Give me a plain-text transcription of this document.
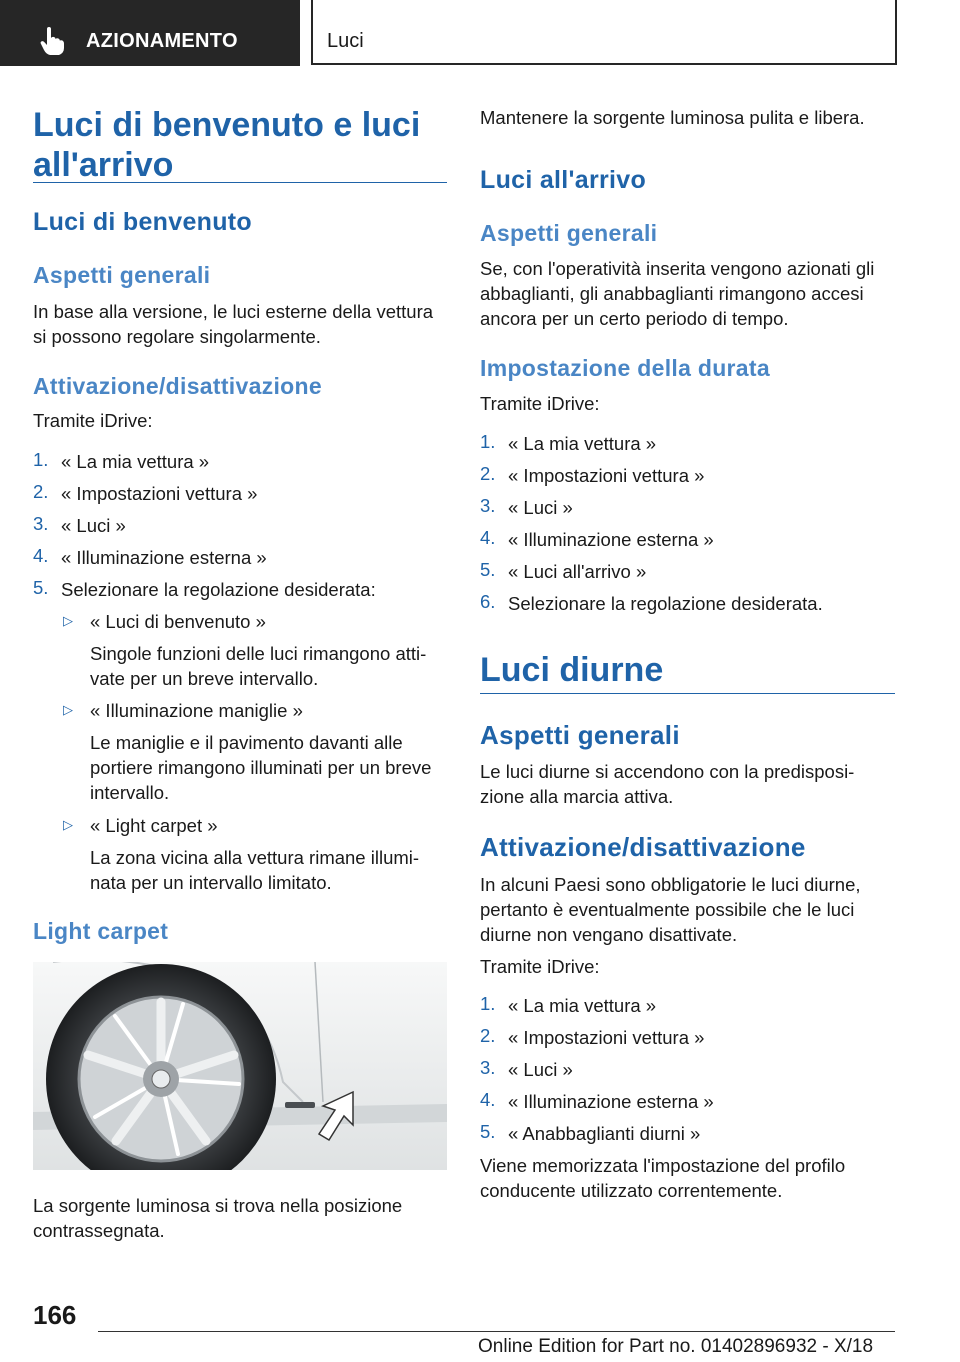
AZIONAMENTO	Luci
Luci di benvenuto e luci
all'arrivo
Luci di benvenuto
Aspetti generali
In base alla versione, le luci esterne della vettura
si possono regolare singolarmente.
Attivazione/disattivazione
Tramite iDrive:
1. « La mia vettura »
2. « Impostazioni vettura »
3. « Luci »
4. « Illuminazione esterna »
5. Selezionare la regolazione desiderata:
▷ « Luci di benvenuto »
Singole funzioni delle luci rimangono atti-
vate per un breve intervallo.
▷ « Illuminazione maniglie »
Le maniglie e il pavimento davanti alle
portiere rimangono illuminati per un breve
intervallo.
▷ « Light carpet »
La zona vicina alla vettura rimane illumi-
nata per un intervallo limitato.
Light carpet
La sorgente luminosa si trova nella posizione
contrassegnata.
Mantenere la sorgente luminosa pulita e libera.
Luci all'arrivo
Aspetti generali
Se, con l'operatività inserita vengono azionati gli
abbaglianti, gli anabbaglianti rimangono accesi
ancora per un certo periodo di tempo.
Impostazione della durata
Tramite iDrive:
1. « La mia vettura »
2. « Impostazioni vettura »
3. « Luci »
4. « Illuminazione esterna »
5. « Luci all'arrivo »
6. Selezionare la regolazione desiderata.
Luci diurne
Aspetti generali
Le luci diurne si accendono con la predisposi-
zione alla marcia attiva.
Attivazione/disattivazione
In alcuni Paesi sono obbligatorie le luci diurne,
pertanto è eventualmente possibile che le luci
diurne non vengano disattivate.
Tramite iDrive:
1. « La mia vettura »
2. « Impostazioni vettura »
3. « Luci »
4. « Illuminazione esterna »
5. « Anabbaglianti diurni »
Viene memorizzata l'impostazione del profilo
conducente utilizzato correntemente.
166
Online Edition for Part no. 01402896932 - X/18
